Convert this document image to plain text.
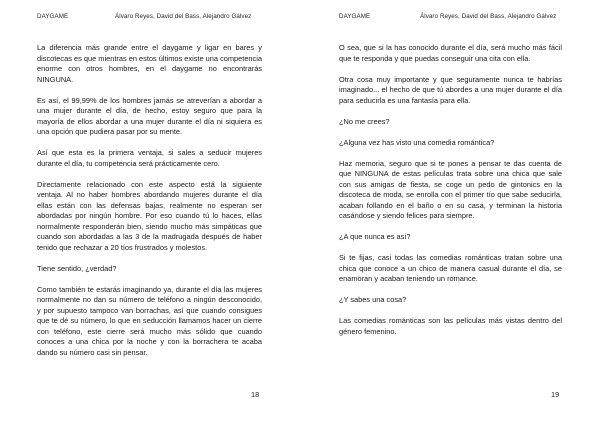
DAYGAME	Álvaro Reyes, David del Bass, Alejandro Gálvez

La diferencia más grande entre el daygame y ligar en bares y discotecas es que mientras en estos últimos existe una competencia enorme con otros hombres, en el daygame no encontrarás NINGUNA.

Es así, el 99,99% de los hombres jamás se atreverían a abordar a una mujer durante el día, de hecho, estoy seguro que para la mayoría de ellos abordar a una mujer durante el día ni siquiera es una opción que pudiera pasar por su mente.

Así que esta es la primera ventaja, si sales a seducir mujeres durante el día, tu competencia será prácticamente cero.

Directamente relacionado con este aspecto está la siguiente ventaja. Al no haber hombres abordando mujeres durante el día ellas están con las defensas bajas, realmente no esperan ser abordadas por ningún hombre. Por eso cuando tú lo haces, ellas normalmente responderán bien, siendo mucho más simpáticas que cuando son abordadas a las 3 de la madrugada después de haber tenido que rechazar a 20 tíos frustrados y molestos.

Tiene sentido, ¿verdad?

Como también te estarás imaginando ya, durante el día las mujeres normalmente no dan su número de teléfono a ningún desconocido, y por supuesto tampoco van borrachas, así que cuando consigues que te dé su número, lo que en seducción llamamos hacer un cierre con teléfono, este cierre será mucho más sólido que cuando conoces a una chica por la noche y con la borrachera te acaba dando su número casi sin pensar.

18
DAYGAME	Álvaro Reyes, David del Bass, Alejandro Gálvez

O sea, que si la has conocido durante el día, será mucho más fácil que te responda y que puedas conseguir una cita con ella.

Otra cosa muy importante y que seguramente nunca te habrías imaginado... el hecho de que tú abordes a una mujer durante el día para seducirla es una fantasía para ella.

¿No me crees?

¿Alguna vez has visto una comedia romántica?

Haz memoria, seguro que si te pones a pensar te das cuenta de que NINGUNA de estas películas trata sobre una chica que sale con sus amigas de fiesta, se coge un pedo de gintonics en la discoteca de moda, se enrolla con el primer tío que sabe seducirla, acaban follando en el baño o en su casa, y terminan la historia casándose y siendo felices para siempre.

¿A que nunca es así?

Si te fijas, casi todas las comedias románticas tratan sobre una chica que conoce a un chico de manera casual durante el día, se enamoran y acaban teniendo un romance.

¿Y sabes una cosa?

Las comedias románticas son las películas más vistas dentro del género femenino.

19
